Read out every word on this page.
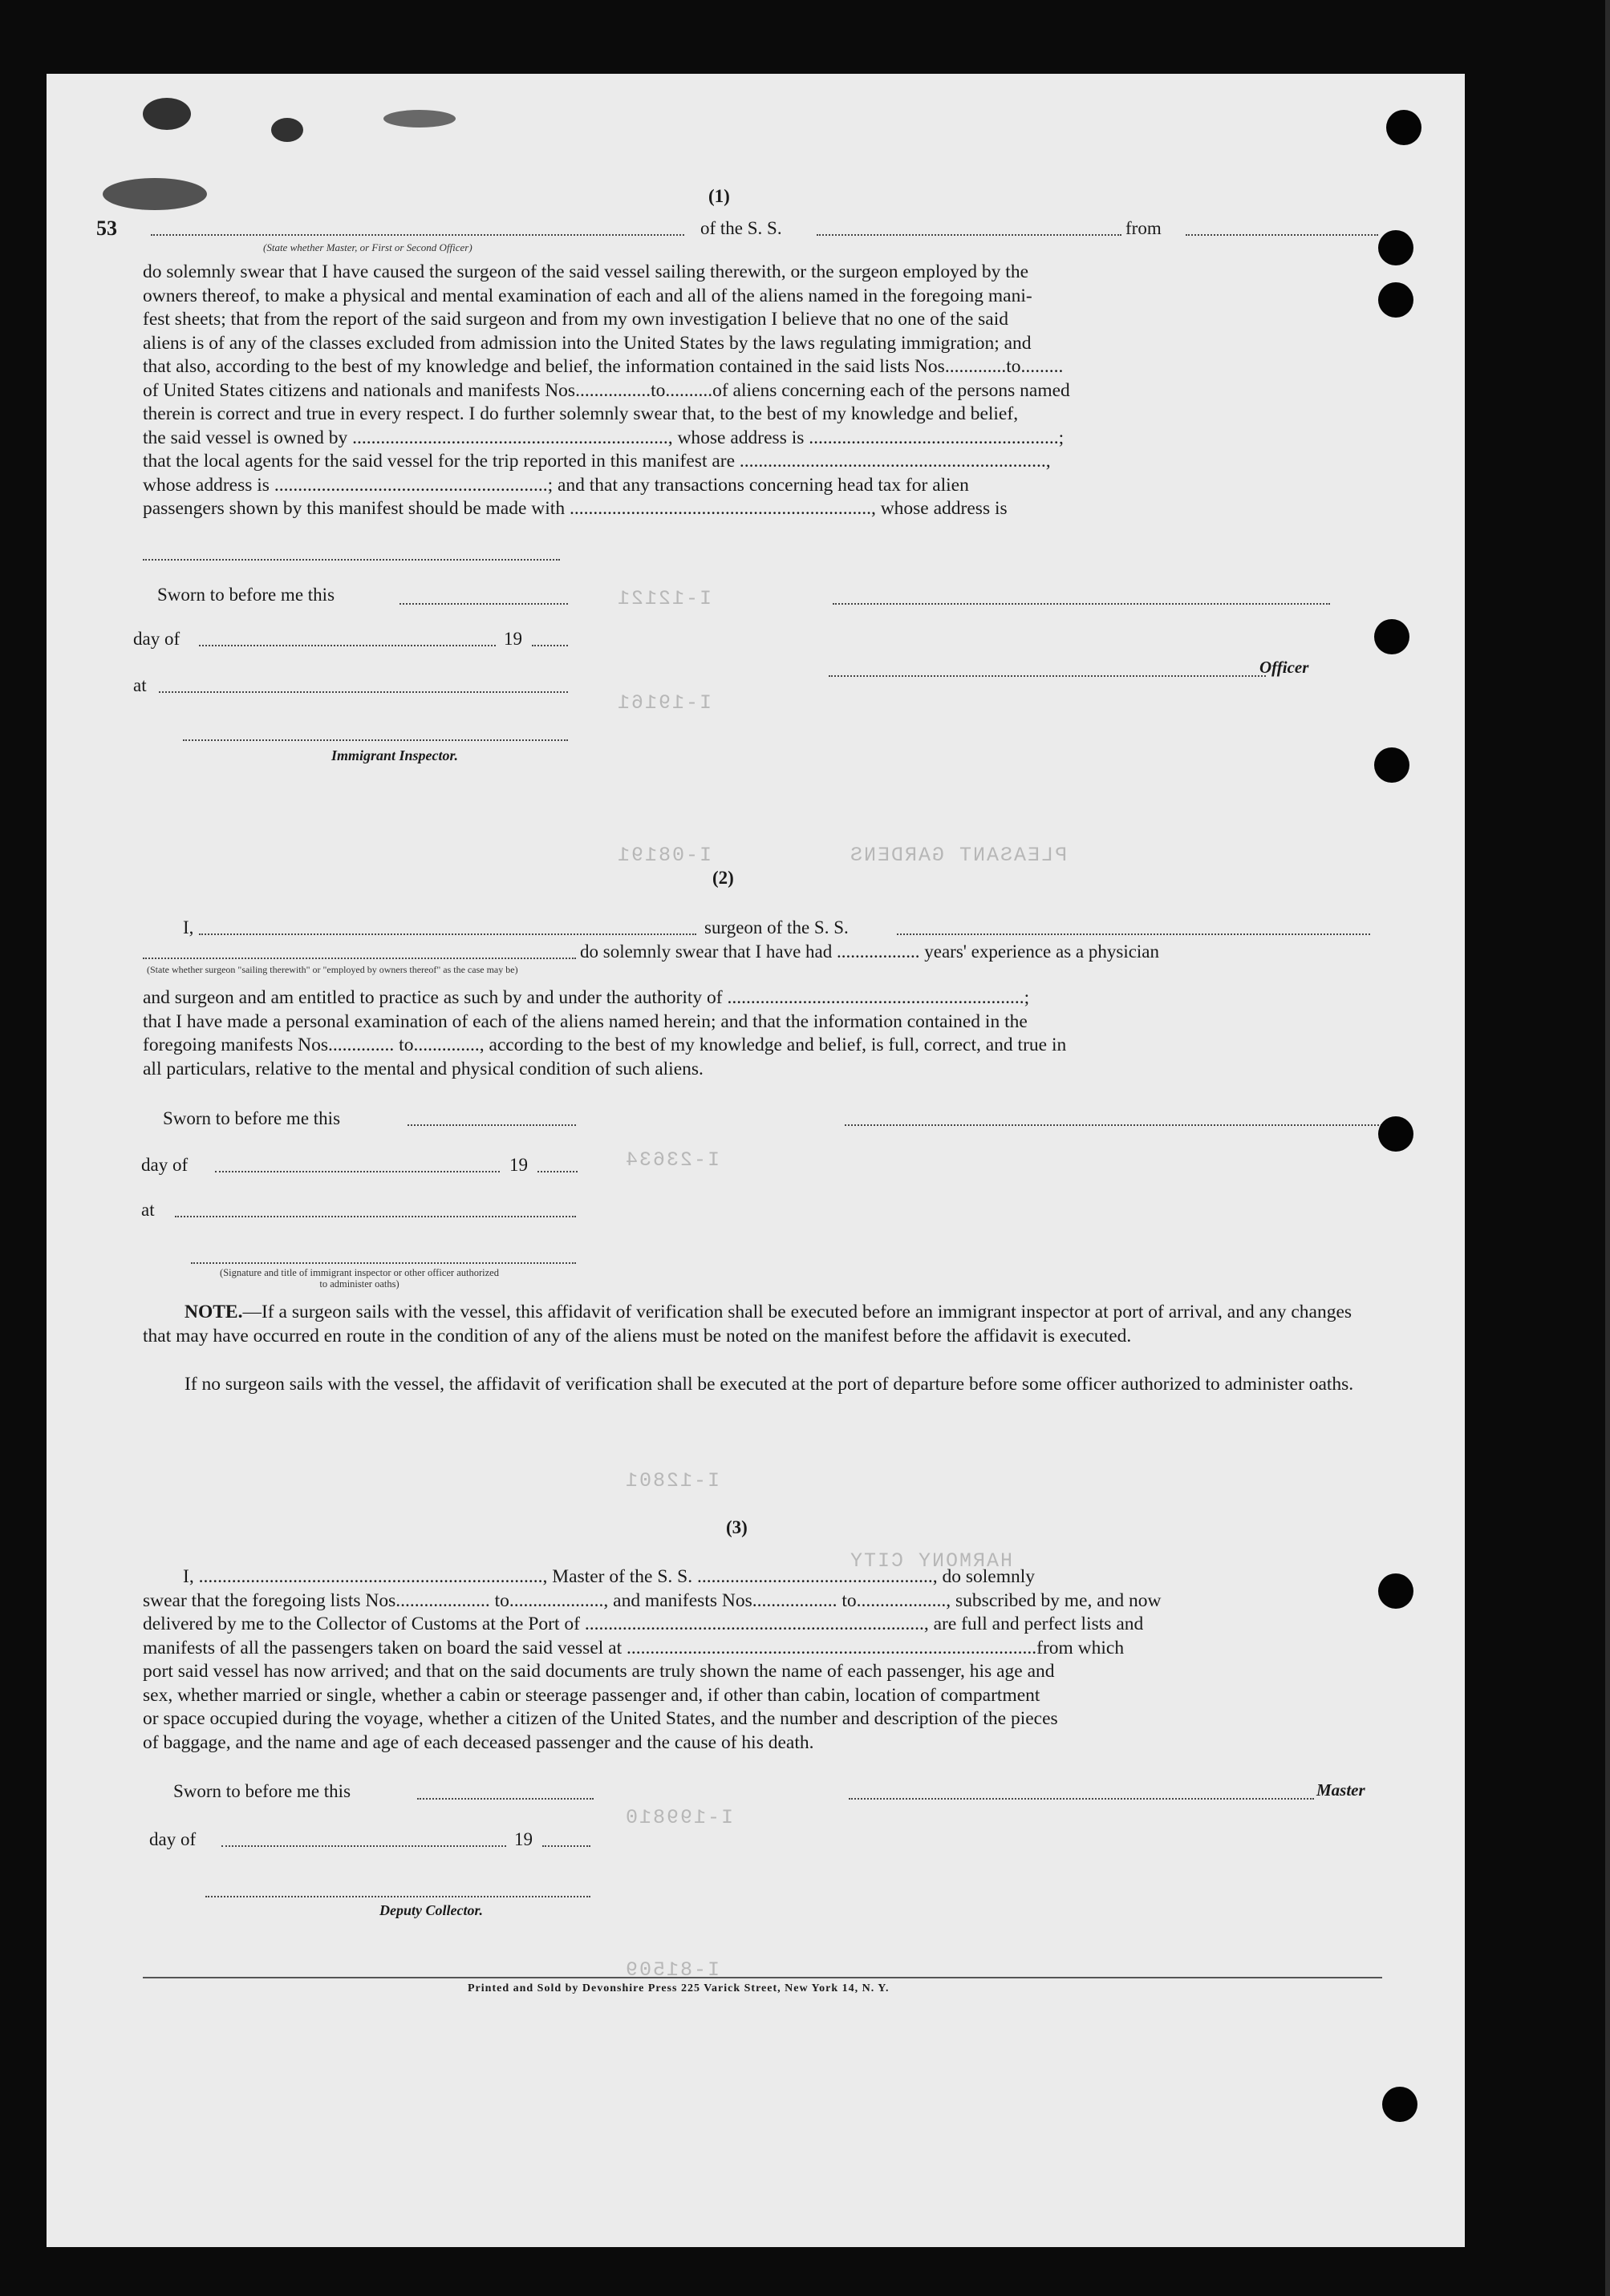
I-12121
I-19161
I-08191
I-23634
I-12801
I-199810
I-81509
PLEASANT GARDENS
HARMONY CITY
53
(1)
of the S. S.	from
(State whether Master, or First or Second Officer)
do solemnly swear that I have caused the surgeon of the said vessel sailing therewith, or the surgeon employed by the
owners thereof, to make a physical and mental examination of each and all of the aliens named in the foregoing mani-
fest sheets; that from the report of the said surgeon and from my own investigation I believe that no one of the said
aliens is of any of the classes excluded from admission into the United States by the laws regulating immigration; and
that also, according to the best of my knowledge and belief, the information contained in the said lists Nos.............to.........
of United States citizens and nationals and manifests Nos................to..........of aliens concerning each of the persons named
therein is correct and true in every respect. I do further solemnly swear that, to the best of my knowledge and belief,
the said vessel is owned by ..................................................................., whose address is .....................................................;
that the local agents for the said vessel for the trip reported in this manifest are .................................................................,
whose address is ..........................................................; and that any transactions concerning head tax for alien
passengers shown by this manifest should be made with ................................................................, whose address is
Sworn to before me this
day of	19
Officer
at
Immigrant Inspector.
(2)
I,	surgeon of the S. S.
do solemnly swear that I have had .................. years' experience as a physician
(State whether surgeon "sailing therewith" or "employed by owners thereof" as the case may be)
and surgeon and am entitled to practice as such by and under the authority of ...............................................................;
that I have made a personal examination of each of the aliens named herein; and that the information contained in the
foregoing manifests Nos.............. to.............., according to the best of my knowledge and belief, is full, correct, and true in
all particulars, relative to the mental and physical condition of such aliens.
Sworn to before me this
day of	19
at
(Signature and title of immigrant inspector or other officer authorized to administer oaths)
NOTE.—If a surgeon sails with the vessel, this affidavit of verification shall be executed before an immigrant inspector at port of arrival, and any changes that may have occurred en route in the condition of any of the aliens must be noted on the manifest before the affidavit is executed.
If no surgeon sails with the vessel, the affidavit of verification shall be executed at the port of departure before some officer authorized to administer oaths.
(3)
I, ........................................................................., Master of the S. S. .................................................., do solemnly
swear that the foregoing lists Nos.................... to...................., and manifests Nos.................. to..................., subscribed by me, and now
delivered by me to the Collector of Customs at the Port of ........................................................................, are full and perfect lists and
manifests of all the passengers taken on board the said vessel at .......................................................................................from which
port said vessel has now arrived; and that on the said documents are truly shown the name of each passenger, his age and
sex, whether married or single, whether a cabin or steerage passenger and, if other than cabin, location of compartment
or space occupied during the voyage, whether a citizen of the United States, and the number and description of the pieces
of baggage, and the name and age of each deceased passenger and the cause of his death.
Sworn to before me this	Master
day of	19
Deputy Collector.
Printed and Sold by Devonshire Press 225 Varick Street, New York 14, N. Y.
